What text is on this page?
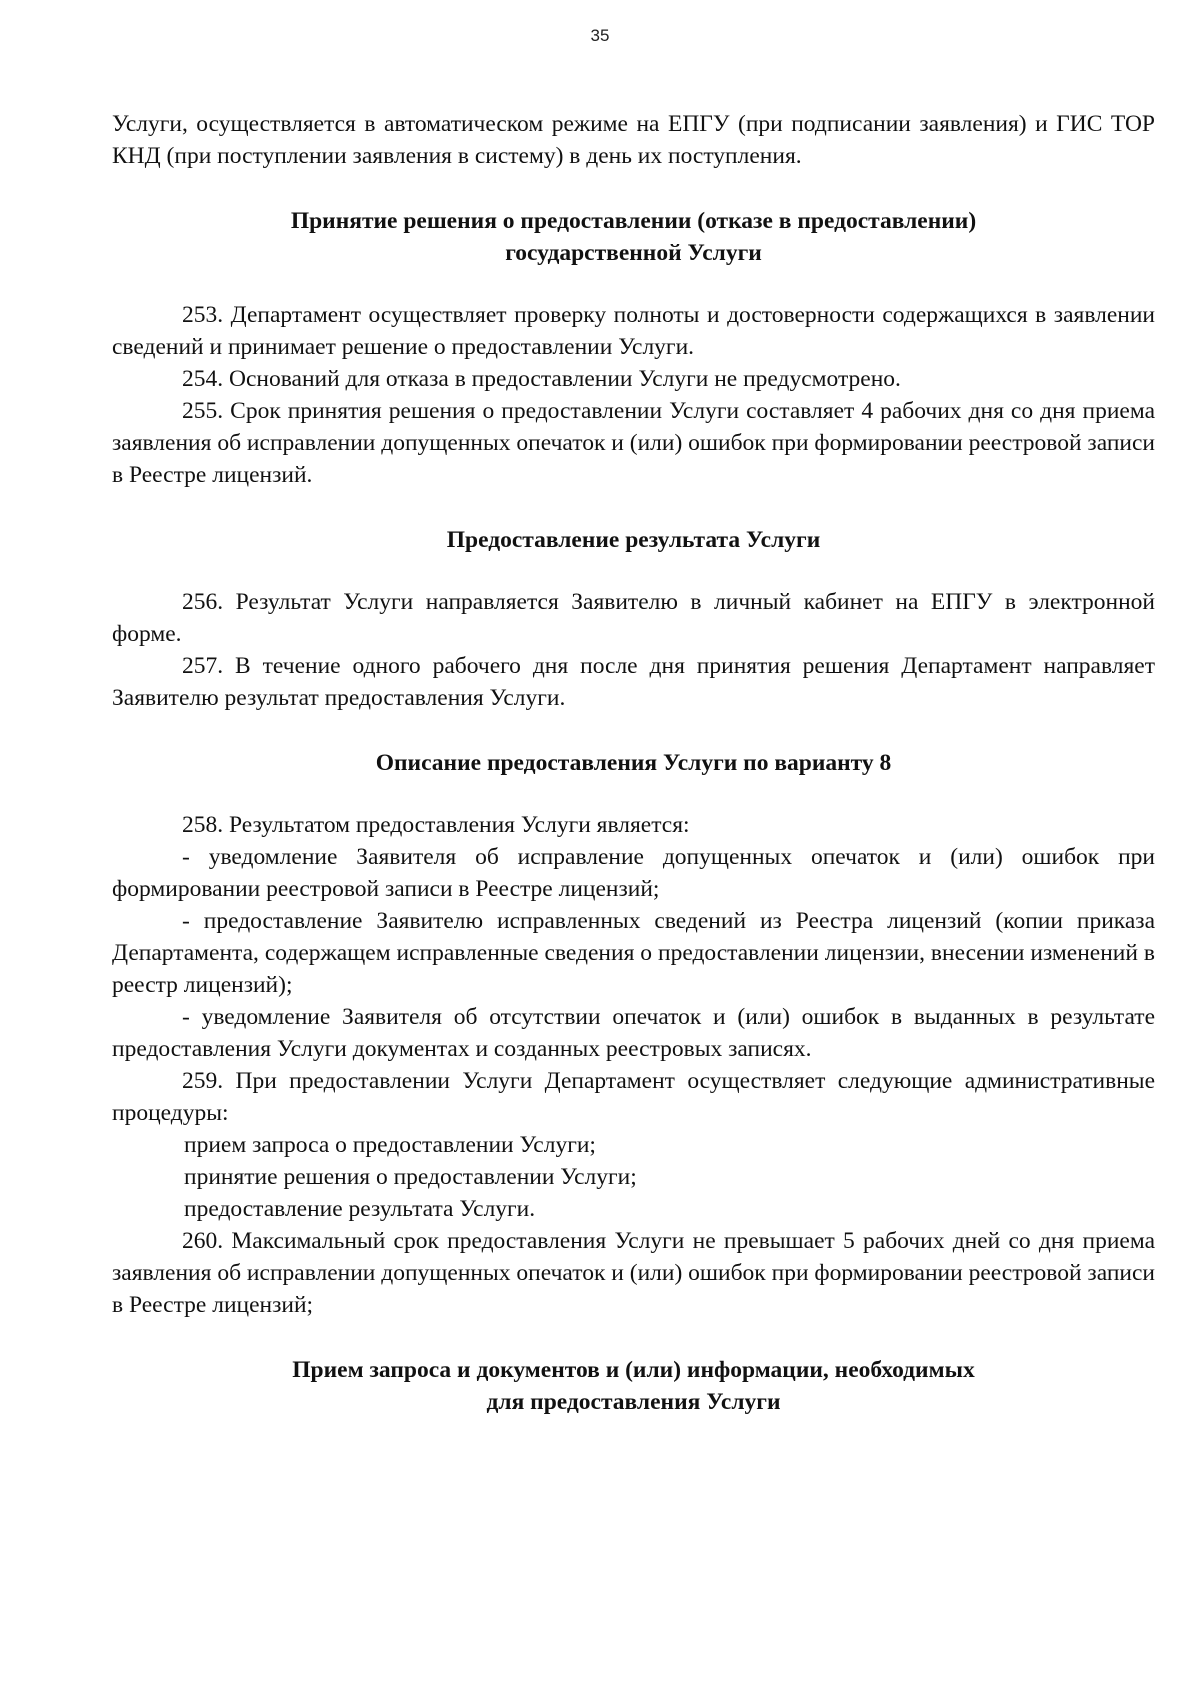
35

Услуги, осуществляется в автоматическом режиме на ЕПГУ (при подписании заявления) и ГИС ТОР КНД (при поступлении заявления в систему) в день их поступления.

Принятие решения о предоставлении (отказе в предоставлении)
государственной Услуги

253. Департамент осуществляет проверку полноты и достоверности содержащихся в заявлении сведений и принимает решение о предоставлении Услуги.

254. Оснований для отказа в предоставлении Услуги не предусмотрено.

255. Срок принятия решения о предоставлении Услуги составляет 4 рабочих дня со дня приема заявления об исправлении допущенных опечаток и (или) ошибок при формировании реестровой записи в Реестре лицензий.

Предоставление результата Услуги

256. Результат Услуги направляется Заявителю в личный кабинет на ЕПГУ в электронной форме.

257. В течение одного рабочего дня после дня принятия решения Департамент направляет Заявителю результат предоставления Услуги.

Описание предоставления Услуги по варианту 8

258. Результатом предоставления Услуги является:

- уведомление Заявителя об исправление допущенных опечаток и (или) ошибок при формировании реестровой записи в Реестре лицензий;

- предоставление Заявителю исправленных сведений из Реестра лицензий (копии приказа Департамента, содержащем исправленные сведения о предоставлении лицензии, внесении изменений в реестр лицензий);

- уведомление Заявителя об отсутствии опечаток и (или) ошибок в выданных в результате предоставления Услуги документах и созданных реестровых записях.

259. При предоставлении Услуги Департамент осуществляет следующие административные процедуры:

прием запроса о предоставлении Услуги;

принятие решения о предоставлении Услуги;

предоставление результата Услуги.

260. Максимальный срок предоставления Услуги не превышает 5 рабочих дней со дня приема заявления об исправлении допущенных опечаток и (или) ошибок при формировании реестровой записи в Реестре лицензий;

Прием запроса и документов и (или) информации, необходимых
для предоставления Услуги
